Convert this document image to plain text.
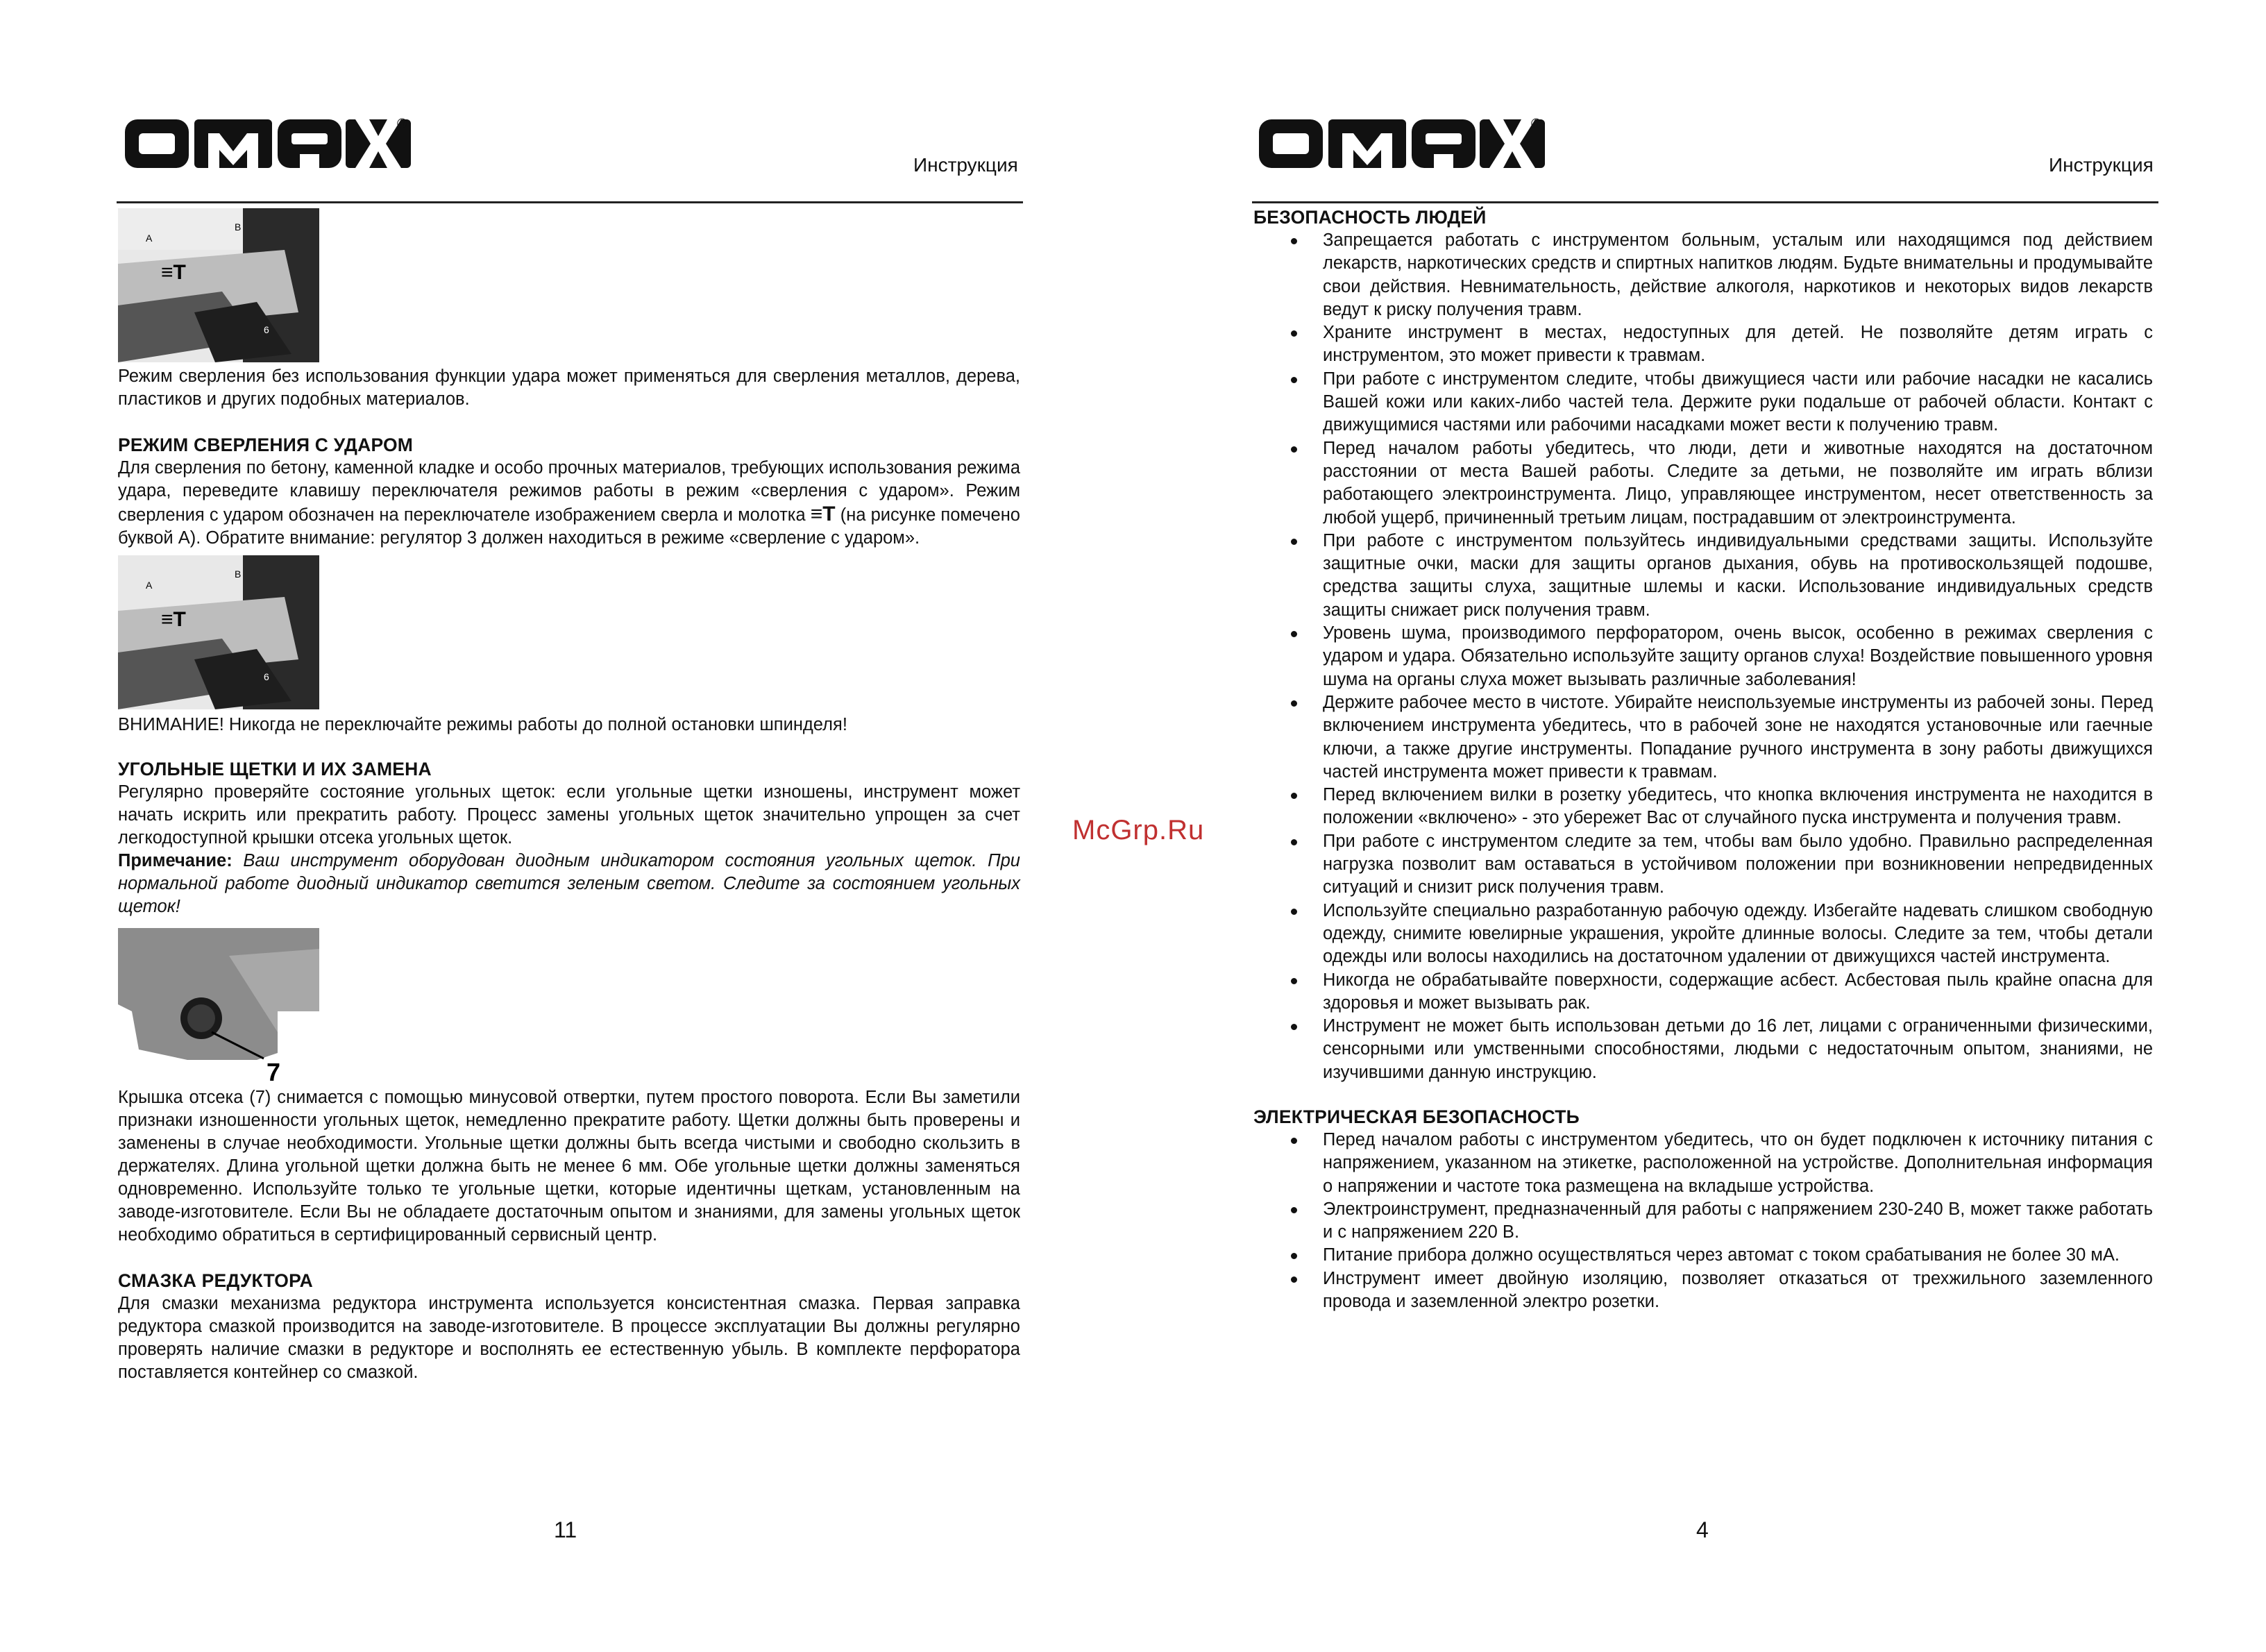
®
Инструкция
≡T
A
B
6

Режим сверления без использования функции удара может применяться для сверления металлов, дерева, пластиков и других подобных материалов.

РЕЖИМ СВЕРЛЕНИЯ С УДАРОМ

Для сверления по бетону, каменной кладке и особо прочных материалов, требующих использования режима удара, переведите клавишу переключателя режимов работы в режим «сверления с ударом». Режим сверления с ударом обозначен на переключателе изображением сверла и молотка ≡T (на рисунке помечено буквой А). Обратите внимание: регулятор 3 должен находиться в режиме «сверление с ударом».

≡T
A
B
6

ВНИМАНИЕ! Никогда не переключайте режимы работы до полной остановки шпинделя!

УГОЛЬНЫЕ ЩЕТКИ И ИХ ЗАМЕНА

Регулярно проверяйте состояние угольных щеток: если угольные щетки изношены, инструмент может начать искрить или прекратить работу. Процесс замены угольных щеток значительно упрощен за счет легкодоступной крышки отсека угольных щеток.

Примечание: Ваш инструмент оборудован диодным индикатором состояния угольных щеток. При нормальной работе диодный индикатор светится зеленым светом. Следите за состоянием угольных щеток!

7

Крышка отсека (7) снимается с помощью минусовой отвертки, путем простого поворота. Если Вы заметили признаки изношенности угольных щеток, немедленно прекратите работу. Щетки должны быть проверены и заменены в случае необходимости. Угольные щетки должны быть всегда чистыми и свободно скользить в держателях. Длина угольной щетки должна быть не менее 6 мм. Обе угольные щетки должны заменяться одновременно. Используйте только те угольные щетки, которые идентичны щеткам, установленным на заводе-изготовителе. Если Вы не обладаете достаточным опытом и знаниями, для замены угольных щеток необходимо обратиться в сертифицированный сервисный центр.

СМАЗКА РЕДУКТОРА

Для смазки механизма редуктора инструмента используется консистентная смазка. Первая заправка редуктора смазкой производится на заводе-изготовителе. В процессе эксплуатации Вы должны регулярно проверять наличие смазки в редукторе и восполнять ее естественную убыль. В комплекте перфоратора поставляется контейнер со смазкой.

11
®
Инструкция
БЕЗОПАСНОСТЬ ЛЮДЕЙ
Запрещается работать с инструментом больным, усталым или находящимся под действием лекарств, наркотических средств и спиртных напитков людям. Будьте внимательны и продумывайте свои действия. Невнимательность, действие алкоголя, наркотиков и некоторых видов лекарств ведут к риску получения травм.
Храните инструмент в местах, недоступных для детей. Не позволяйте детям играть с инструментом, это может привести к травмам.
При работе с инструментом следите, чтобы движущиеся части или рабочие насадки не касались Вашей кожи или каких-либо частей тела. Держите руки подальше от рабочей области. Контакт с движущимися частями или рабочими насадками может вести к получению травм.
Перед началом работы убедитесь, что люди, дети и животные находятся на достаточном расстоянии от места Вашей работы. Следите за детьми, не позволяйте им играть вблизи работающего электроинструмента. Лицо, управляющее инструментом, несет ответственность за любой ущерб, причиненный третьим лицам, пострадавшим от электроинструмента.
При работе с инструментом пользуйтесь индивидуальными средствами защиты. Используйте защитные очки, маски для защиты органов дыхания, обувь на противоскользящей подошве, средства защиты слуха, защитные шлемы и каски. Использование индивидуальных средств защиты снижает риск получения травм.
Уровень шума, производимого перфоратором, очень высок, особенно в режимах сверления с ударом и удара. Обязательно используйте защиту органов слуха! Воздействие повышенного уровня шума на органы слуха может вызывать различные заболевания!
Держите рабочее место в чистоте. Убирайте неиспользуемые инструменты из рабочей зоны. Перед включением инструмента убедитесь, что в рабочей зоне не находятся установочные или гаечные ключи, а также другие инструменты. Попадание ручного инструмента в зону работы движущихся частей инструмента может привести к травмам.
Перед включением вилки в розетку убедитесь, что кнопка включения инструмента не находится в положении «включено» - это убережет Вас от случайного пуска инструмента и получения травм.
При работе с инструментом следите за тем, чтобы вам было удобно. Правильно распределенная нагрузка позволит вам оставаться в устойчивом положении при возникновении непредвиденных ситуаций и снизит риск получения травм.
Используйте специально разработанную рабочую одежду. Избегайте надевать слишком свободную одежду, снимите ювелирные украшения, укройте длинные волосы. Следите за тем, чтобы детали одежды или волосы находились на достаточном удалении от движущихся частей инструмента.
Никогда не обрабатывайте поверхности, содержащие асбест. Асбестовая пыль крайне опасна для здоровья и может вызывать рак.
Инструмент не может быть использован детьми до 16 лет, лицами с ограниченными физическими, сенсорными или умственными способностями, людьми с недостаточным опытом, знаниями, не изучившими данную инструкцию.
ЭЛЕКТРИЧЕСКАЯ БЕЗОПАСНОСТЬ
Перед началом работы с инструментом убедитесь, что он будет подключен к источнику питания с напряжением, указанном на этикетке, расположенной на устройстве. Дополнительная информация о напряжении и частоте тока размещена на вкладыше устройства.
Электроинструмент, предназначенный для работы с напряжением 230-240 В, может также работать и с напряжением 220 В.
Питание прибора должно осуществляться через автомат с током срабатывания не более 30 мА.
Инструмент имеет двойную изоляцию, позволяет отказаться от трехжильного заземленного провода и заземленной электро розетки.
4
McGrp.Ru
